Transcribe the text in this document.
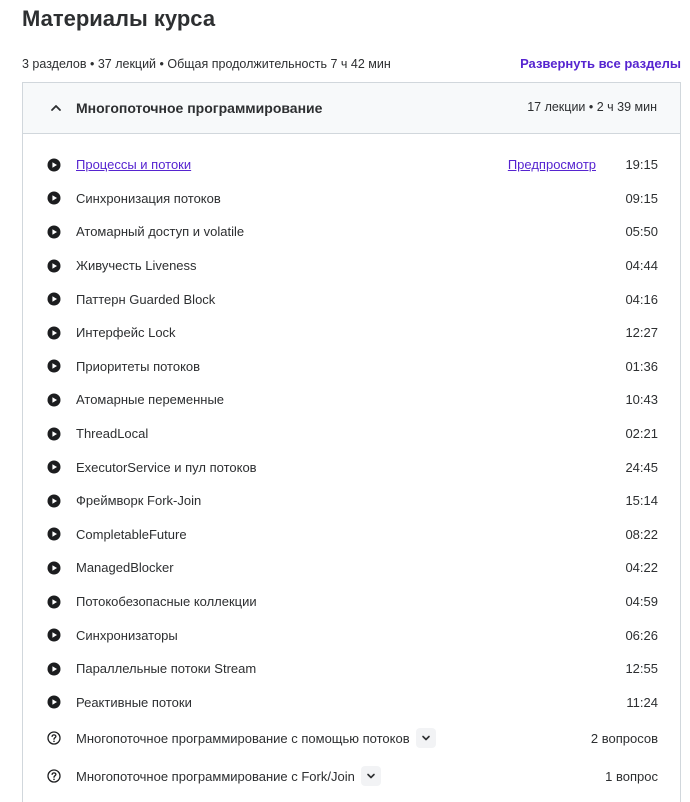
Материалы курса
3 разделов • 37 лекций • Общая продолжительность 7 ч 42 мин	Развернуть все разделы
Многопоточное программирование	17 лекции • 2 ч 39 мин
Процессы и потоки	Предпросмотр 19:15
Синхронизация потоков	09:15
Атомарный доступ и volatile	05:50
Живучесть Liveness	04:44
Паттерн Guarded Block	04:16
Интерфейс Lock	12:27
Приоритеты потоков	01:36
Атомарные переменные	10:43
ThreadLocal	02:21
ExecutorService и пул потоков	24:45
Фреймворк Fork-Join	15:14
CompletableFuture	08:22
ManagedBlocker	04:22
Потокобезопасные коллекции	04:59
Синхронизаторы	06:26
Параллельные потоки Stream	12:55
Реактивные потоки	11:24
Многопоточное программирование с помощью потоков	2 вопросов
Многопоточное программирование с Fork/Join	1 вопрос
